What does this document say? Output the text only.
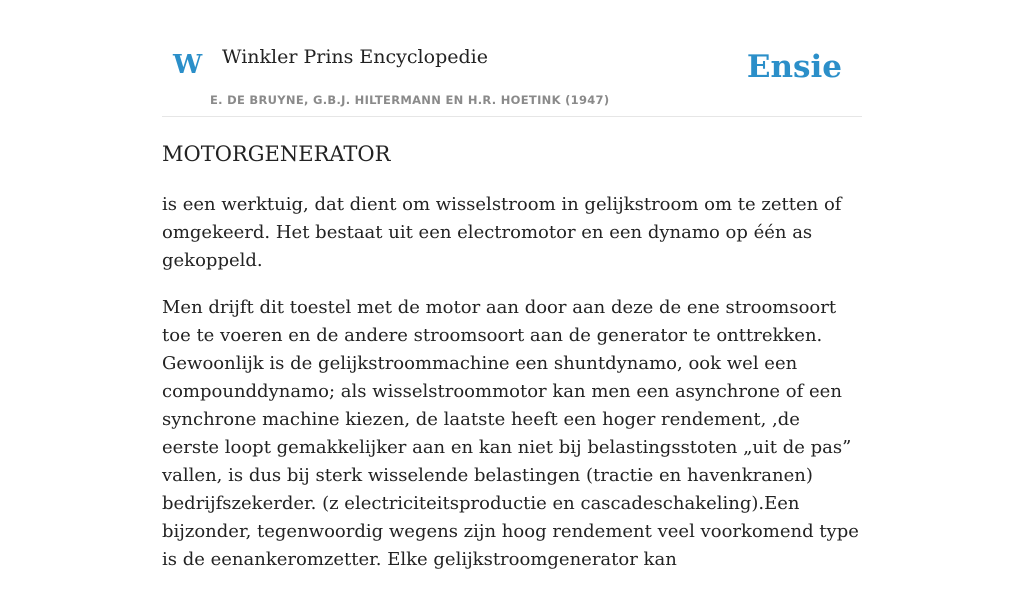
W Winkler Prins Encyclopedie
E. DE BRUYNE, G.B.J. HILTERMANN EN H.R. HOETINK (1947)
Ensie
MOTORGENERATOR

is een werktuig, dat dient om wisselstroom in gelijkstroom om te zetten of omgekeerd. Het bestaat uit een electromotor en een dynamo op één as gekoppeld.

Men drijft dit toestel met de motor aan door aan deze de ene stroomsoort toe te voeren en de andere stroomsoort aan de generator te onttrekken. Gewoonlijk is de gelijkstroommachine een shuntdynamo, ook wel een compounddynamo; als wisselstroommotor kan men een asynchrone of een synchrone machine kiezen, de laatste heeft een hoger rendement, ,de eerste loopt gemakkelijker aan en kan niet bij belastingsstoten „uit de pas” vallen, is dus bij sterk wisselende belastingen (tractie en havenkranen) bedrijfszekerder. (z electriciteitsproductie en cascadeschakeling).Een bijzonder, tegenwoordig wegens zijn hoog rendement veel voorkomend type is de eenankeromzetter. Elke gelijkstroomgenerator kan
